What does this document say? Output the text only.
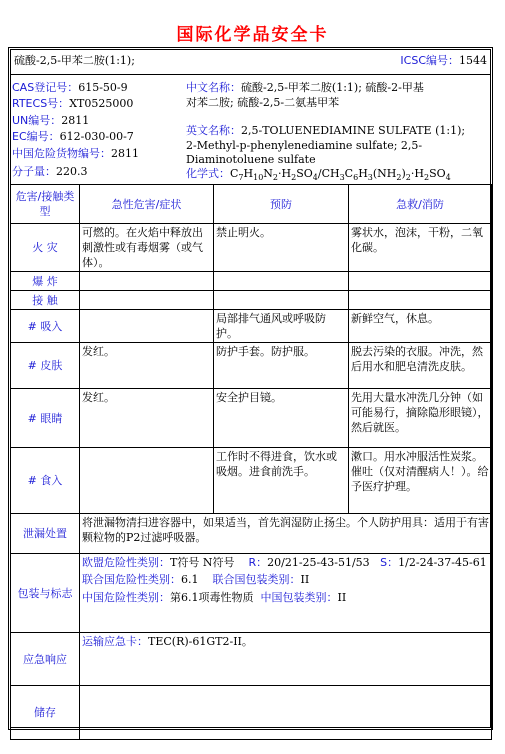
国际化学品安全卡
硫酸-2,5-甲苯二胺(1:1);	ICSC编号：1544
CAS登记号：615-50-9
RTECS号：XT0525000
UN编号：2811
EC编号：612-030-00-7
中国危险货物编号：2811
分子量：220.3
中文名称：硫酸-2,5-甲苯二胺(1:1); 硫酸-2-甲基
对苯二胺; 硫酸-2,5-二氨基甲苯
英文名称：2,5-TOLUENEDIAMINE SULFATE (1:1);
2-Methyl-p-phenylenediamine sulfate; 2,5-
Diaminotoluene sulfate
化学式：$C_7H_{10}N_2\cdot H_2SO_4/CH_3C_6H_3(NH_2)_2\cdot H_2SO_4$
危害/接触类型	急性危害/症状	预防	急救/消防
火 灾	可燃的。在火焰中释放出刺激性或有毒烟雾（或气体）。	禁止明火。	雾状水，泡沫，干粉，二氧化碳。
爆 炸			
接 触			
# 吸入		局部排气通风或呼吸防护。	新鲜空气，休息。
# 皮肤	发红。	防护手套。防护服。	脱去污染的衣服。冲洗，然后用水和肥皂清洗皮肤。
# 眼睛	发红。	安全护目镜。	先用大量水冲洗几分钟（如可能易行，摘除隐形眼镜），然后就医。
# 食入		工作时不得进食，饮水或吸烟。进食前洗手。	漱口。用水冲服活性炭浆。催吐（仅对清醒病人！）。给予医疗护理。
泄漏处置	将泄漏物清扫进容器中，如果适当，首先润湿防止扬尘。个人防护用具：适用于有害颗粒物的P2过滤呼吸器。		
包装与标志	欧盟危险性类别：T符号 N符号 R：20/21-25-43-51/53 S：1/2-24-37-45-61
联合国危险性类别：6.1 联合国包装类别：II
中国危险性类别：第6.1项毒性物质 中国包装类别：II		

应急响应	运输应急卡：TEC(R)-61GT2-II。		
储存			
